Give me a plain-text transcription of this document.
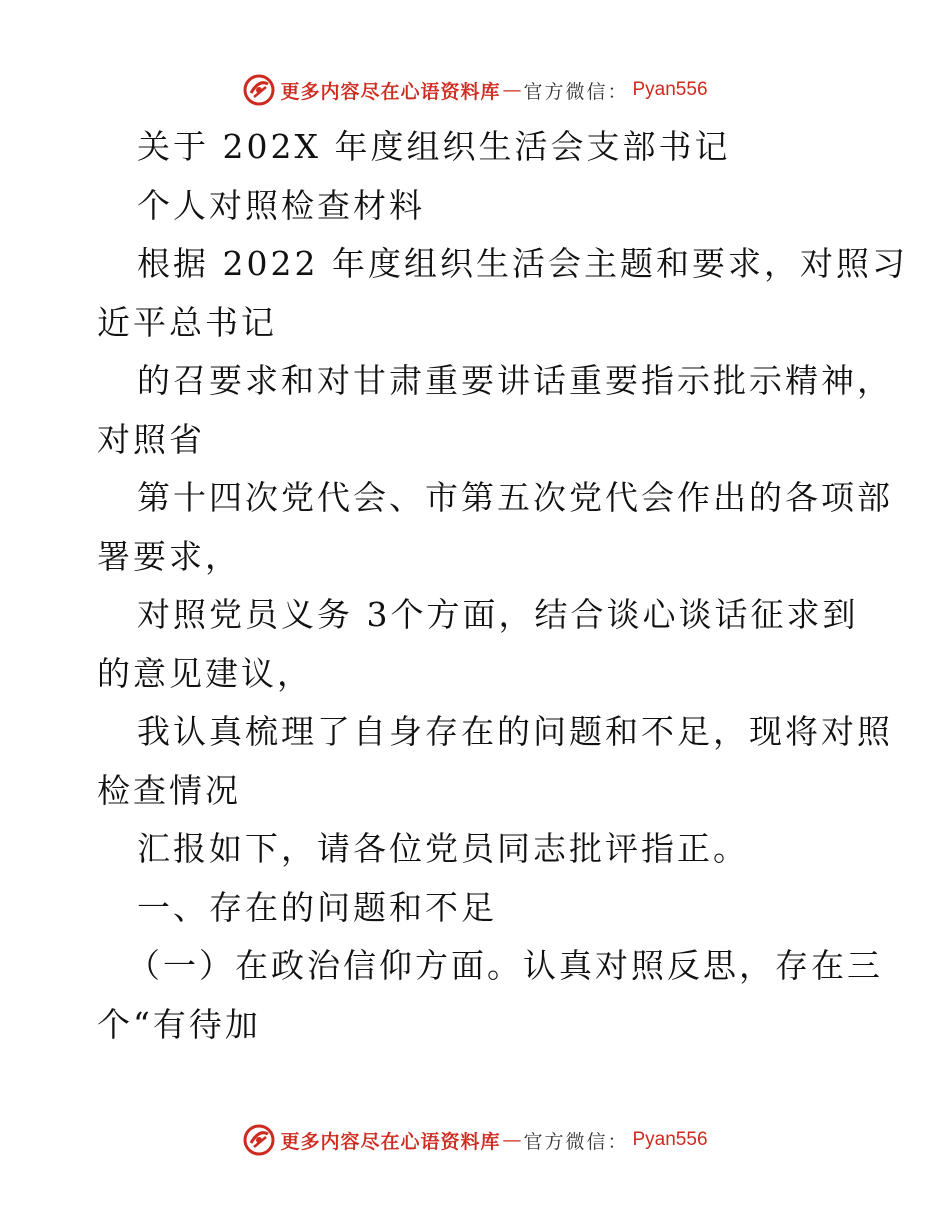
更多内容尽在心语资料库 — 官方微信： Pyan556
关于 202X 年度组织生活会支部书记
个人对照检查材料
根据 2022 年度组织生活会主题和要求，对照习
近平总书记
的召要求和对甘肃重要讲话重要指示批示精神，
对照省
第十四次党代会、市第五次党代会作出的各项部
署要求，
对照党员义务 3个方面，结合谈心谈话征求到
的意见建议，
我认真梳理了自身存在的问题和不足，现将对照
检查情况
汇报如下，请各位党员同志批评指正。
一、存在的问题和不足
（一）在政治信仰方面。认真对照反思，存在三
个“有待加
更多内容尽在心语资料库 — 官方微信： Pyan556
